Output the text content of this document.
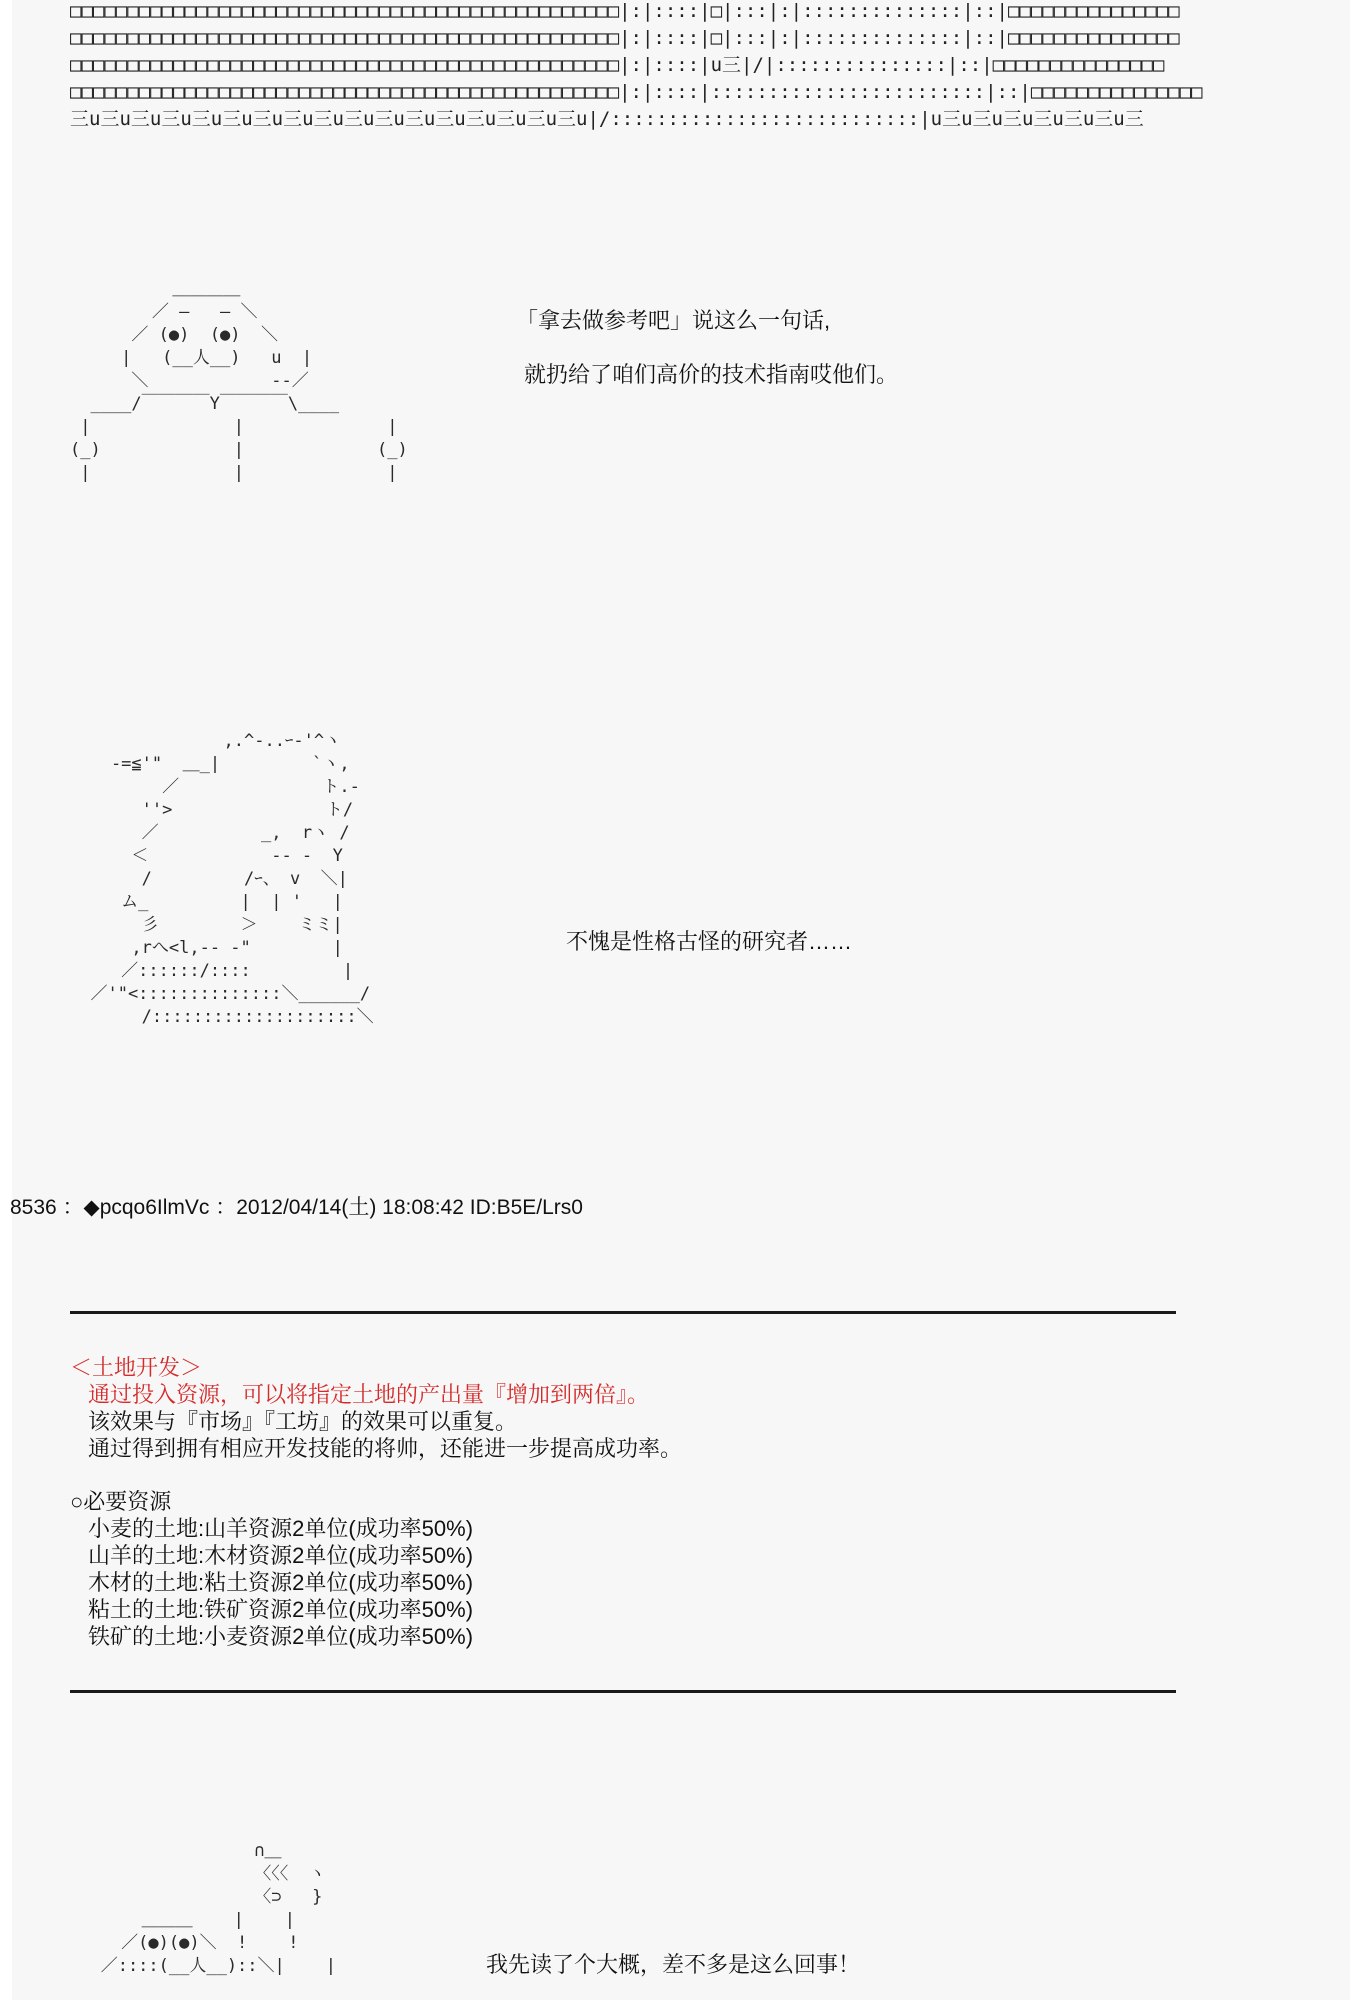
□□□□□□□□□□□□□□□□□□□□□□□□□□□□□□□□□□□□□□□□□□□□□□□□|:|::::|□|:::|:|::::::::::::::|::|□□□□□□□□□□□□□□□
□□□□□□□□□□□□□□□□□□□□□□□□□□□□□□□□□□□□□□□□□□□□□□□□|:|::::|□|:::|:|::::::::::::::|::|□□□□□□□□□□□□□□□
□□□□□□□□□□□□□□□□□□□□□□□□□□□□□□□□□□□□□□□□□□□□□□□□|:|::::|u三|/|:::::::::::::::|::|□□□□□□□□□□□□□□□
□□□□□□□□□□□□□□□□□□□□□□□□□□□□□□□□□□□□□□□□□□□□□□□□|:|::::|::::::::::::::::::::::::|::|□□□□□□□□□□□□□□□
三u三u三u三u三u三u三u三u三u三u三u三u三u三u三u三u三u|/:::::::::::::::::::::::::::|u三u三u三u三u三u三u三
＿＿＿＿
／ ―   ― ＼
／ (●)  (●)  ＼
|   (__人__)   u  |
＼            --／
____/￣￣￣￣Y￣￣￣￣\____
|              |              |
(_)             |             (_)
|              |              |
「拿去做参考吧」说这么一句话,
就扔给了咱们高价的技术指南哎他们。
,.^-..ｰ-'^ヽ
-=≦'"  ＿_|         `ヽ,
／              ト.-
''>               ト/
／          _,  rヽ /
＜            -- -  Y
/         /ｰ、 v  ＼|
ム_         |  | '   |
彡        ＞    ミミ|
,rへ<l,-- -"        |
／::::::/::::         |
／'"<::::::::::::::＼______/
/::::::::::::::::::::＼
不愧是性格古怪的研究者……
8536 ：◆pcqo6IlmVc ：2012/04/14(土) 18:08:42 ID:B5E/Lrs0
＜土地开发＞
通过投入资源，可以将指定土地的产出量『增加到两倍』。
该效果与『市场』『工坊』的效果可以重复。
通过得到拥有相应开发技能的将帅，还能进一步提高成功率。
○必要资源
小麦的土地:山羊资源2单位(成功率50%)
山羊的土地:木材资源2单位(成功率50%)
木材的土地:粘土资源2单位(成功率50%)
粘土的土地:铁矿资源2单位(成功率50%)
铁矿的土地:小麦资源2单位(成功率50%)
∩＿
〈〈〈  ヽ
〈⊃   }
＿＿＿    |    |
／(●)(●)＼  !    !
／::::(__人__)::＼|    |	我先读了个大概，差不多是这么回事！
